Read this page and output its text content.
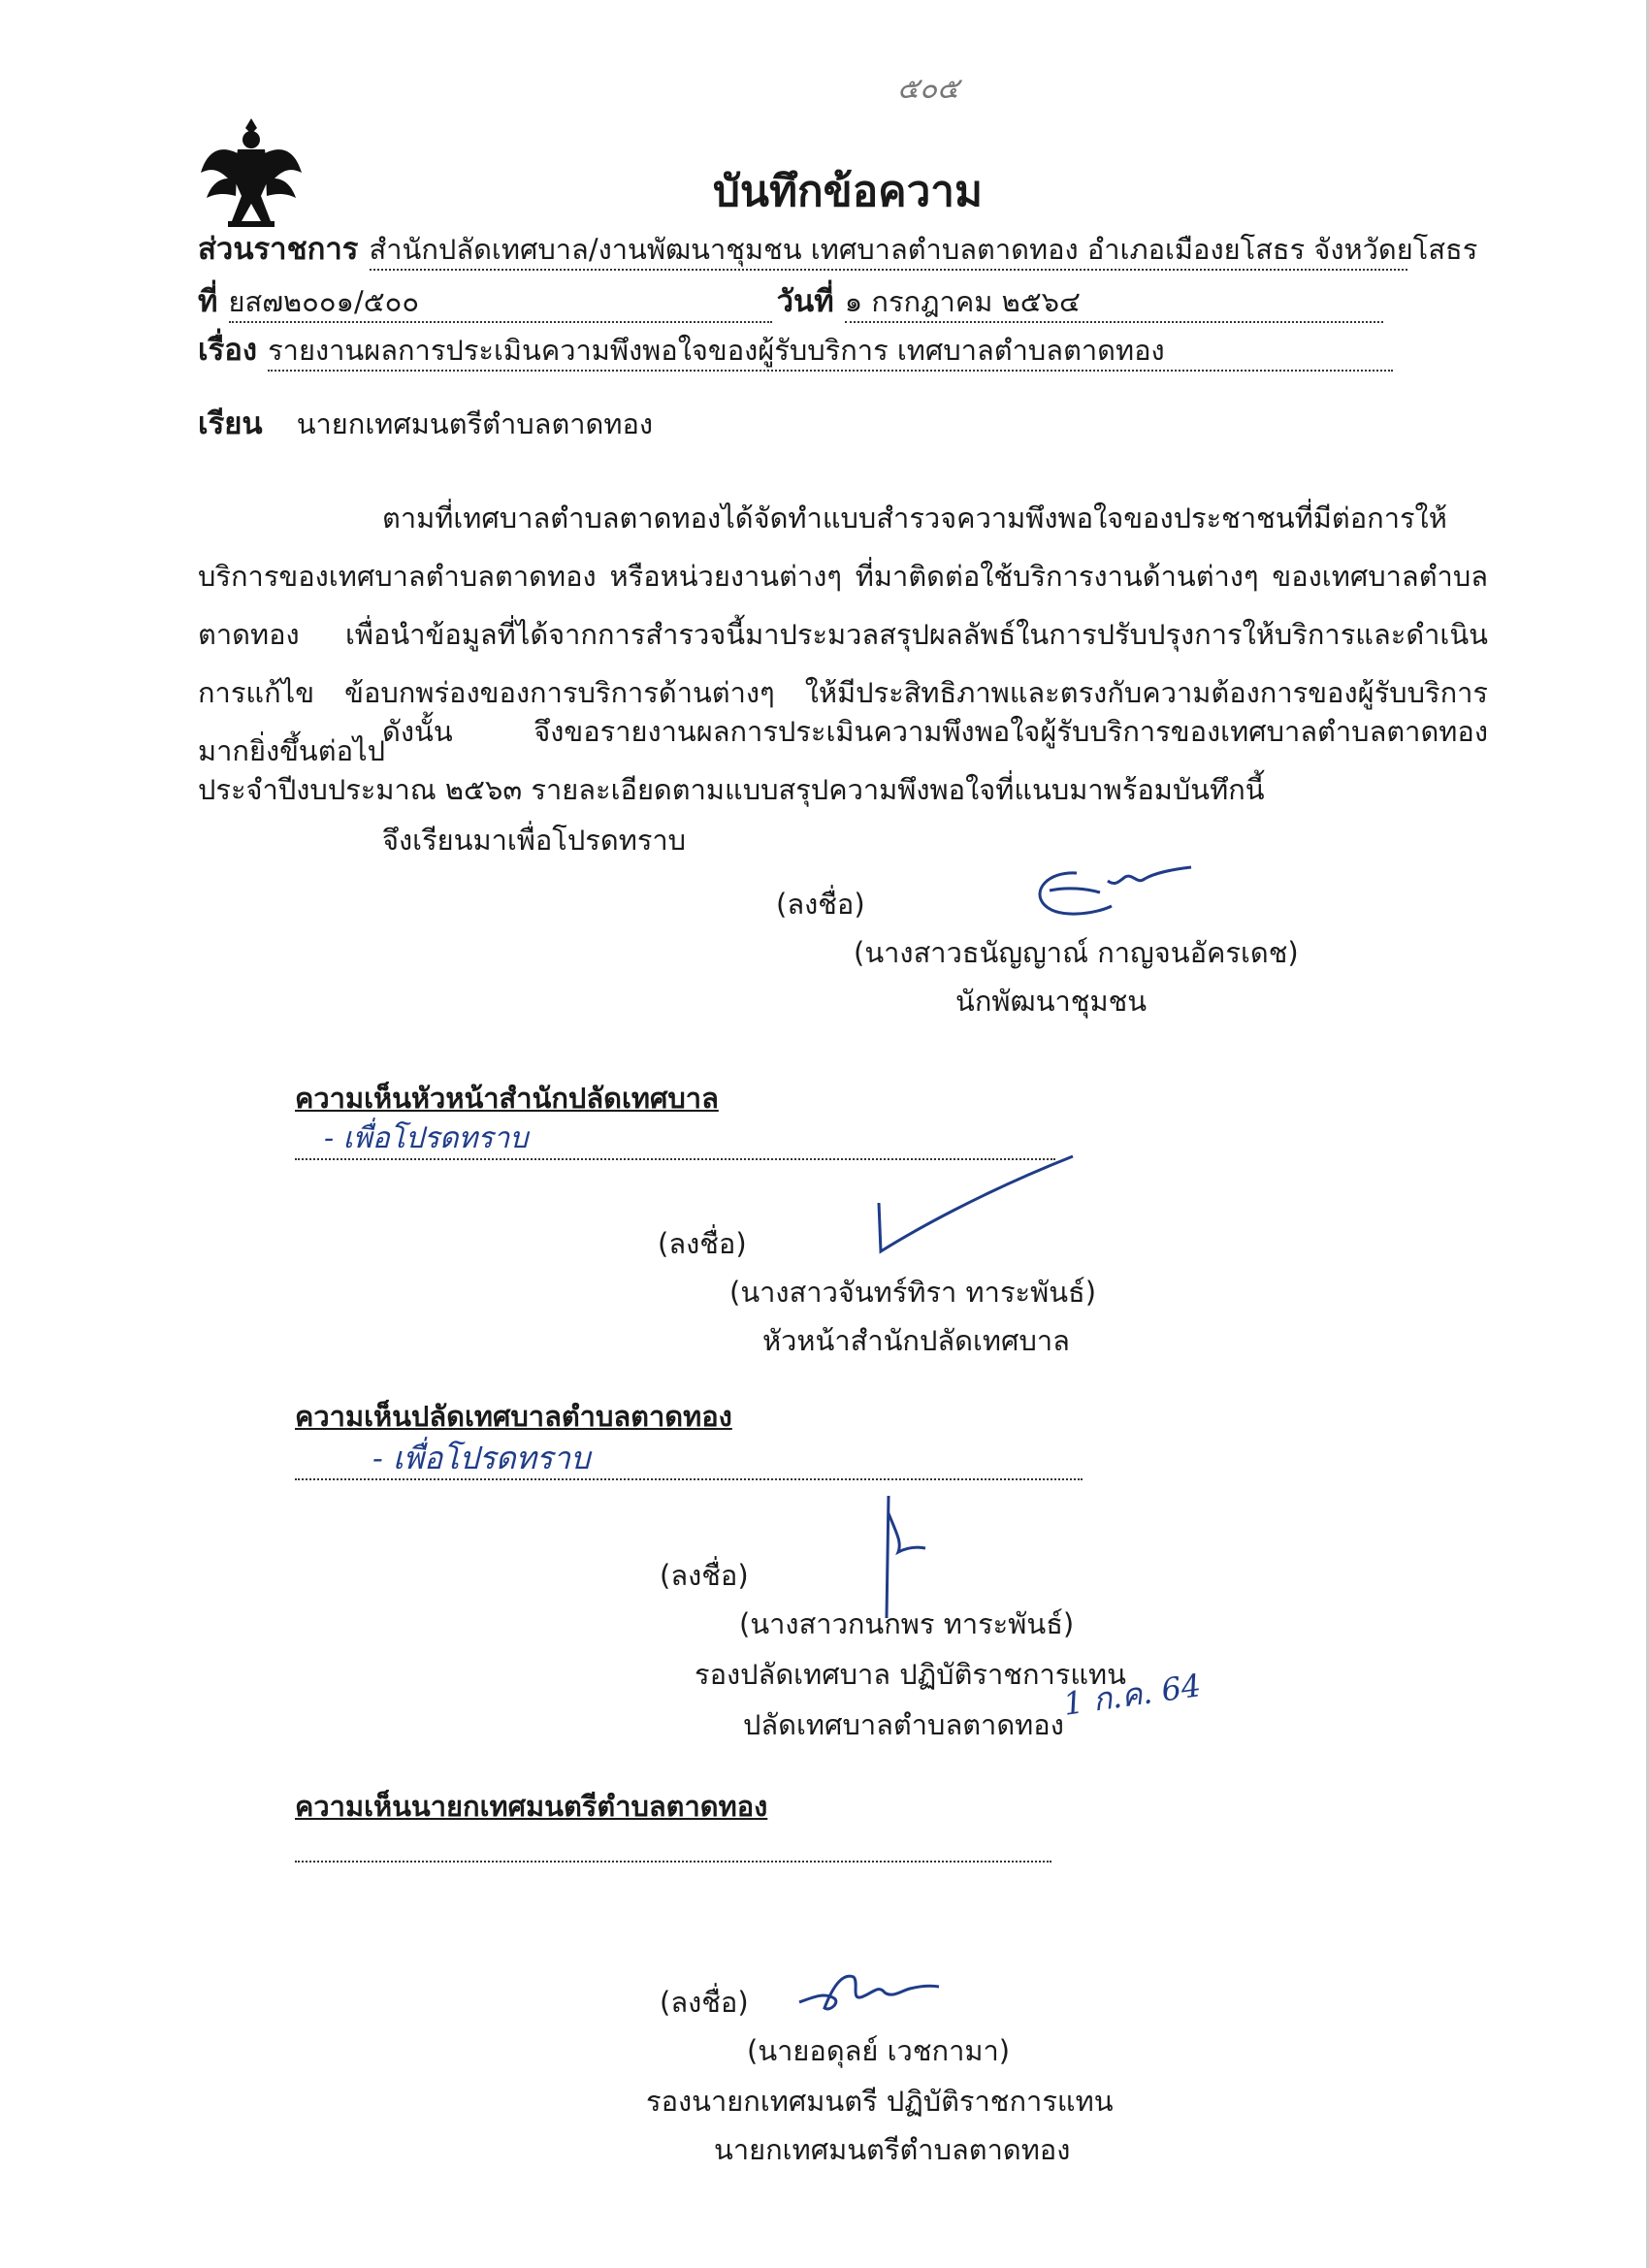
๕๐๕
บันทึกข้อความ
ส่วนราชการ สำนักปลัดเทศบาล/งานพัฒนาชุมชน เทศบาลตำบลตาดทอง อำเภอเมืองยโสธร จังหวัดยโสธร
ที่ ยส๗๒๐๐๑/๕๐๐	วันที่ ๑ กรกฎาคม ๒๕๖๔
เรื่อง รายงานผลการประเมินความพึงพอใจของผู้รับบริการ เทศบาลตำบลตาดทอง
เรียน นายกเทศมนตรีตำบลตาดทอง
ตามที่เทศบาลตำบลตาดทองได้จัดทำแบบสำรวจความพึงพอใจของประชาชนที่มีต่อการให้บริการของเทศบาลตำบลตาดทอง หรือหน่วยงานต่างๆ ที่มาติดต่อใช้บริการงานด้านต่างๆ ของเทศบาลตำบลตาดทอง เพื่อนำข้อมูลที่ได้จากการสำรวจนี้มาประมวลสรุปผลลัพธ์ในการปรับปรุงการให้บริการและดำเนินการแก้ไข ข้อบกพร่องของการบริการด้านต่างๆ ให้มีประสิทธิภาพและตรงกับความต้องการของผู้รับบริการมากยิ่งขึ้นต่อไป
ดังนั้น จึงขอรายงานผลการประเมินความพึงพอใจผู้รับบริการของเทศบาลตำบลตาดทอง ประจำปีงบประมาณ ๒๕๖๓ รายละเอียดตามแบบสรุปความพึงพอใจที่แนบมาพร้อมบันทึกนี้
จึงเรียนมาเพื่อโปรดทราบ
(ลงชื่อ)
(นางสาวธนัญญาณ์ กาญจนอัครเดช)
นักพัฒนาชุมชน
ความเห็นหัวหน้าสำนักปลัดเทศบาล
- เพื่อโปรดทราบ
(ลงชื่อ)
(นางสาวจันทร์ทิรา ทาระพันธ์)
หัวหน้าสำนักปลัดเทศบาล
ความเห็นปลัดเทศบาลตำบลตาดทอง
- เพื่อโปรดทราบ
(ลงชื่อ)
(นางสาวกนกพร ทาระพันธ์)
รองปลัดเทศบาล ปฏิบัติราชการแทน
ปลัดเทศบาลตำบลตาดทอง
1 ก.ค. 64
ความเห็นนายกเทศมนตรีตำบลตาดทอง
(ลงชื่อ)
(นายอดุลย์ เวชกามา)
รองนายกเทศมนตรี ปฏิบัติราชการแทน
นายกเทศมนตรีตำบลตาดทอง
